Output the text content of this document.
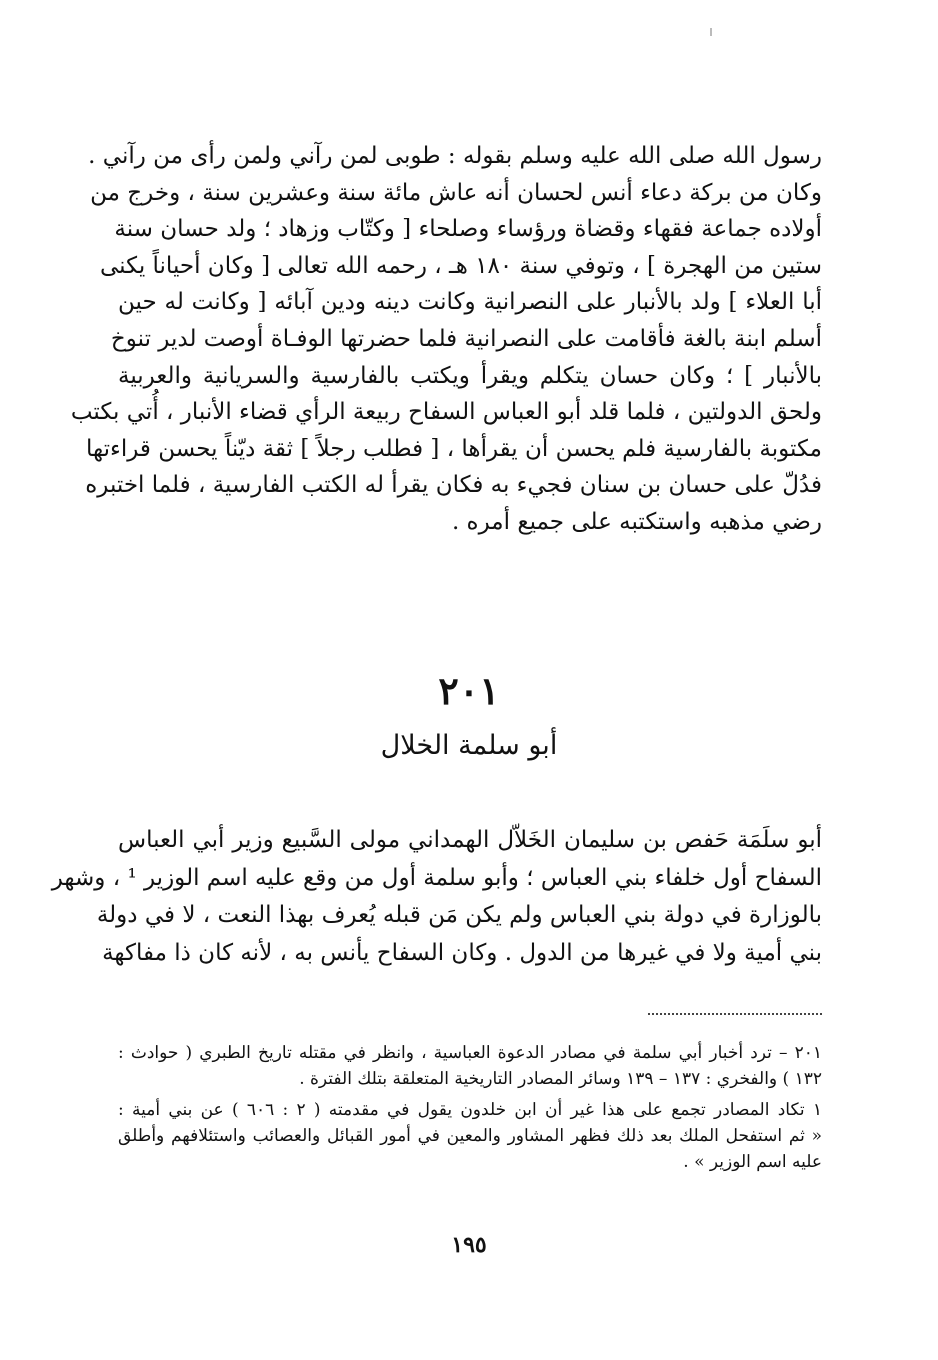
رسول الله صلى الله عليه وسلم بقوله : طوبى لمن رآني ولمن رأى من رآني .
وكان من بركة دعاء أنس لحسان أنه عاش مائة سنة وعشرين سنة ، وخرج من
أولاده جماعة فقهاء وقضاة ورؤساء وصلحاء [ وكتّاب وزهاد ؛ ولد حسان سنة
ستين من الهجرة ] ، وتوفي سنة ١٨٠ هـ ، رحمه الله تعالى [ وكان أحياناً يكنى
أبا العلاء ] ولد بالأنبار على النصرانية وكانت دينه ودين آبائه [ وكانت له حين
أسلم ابنة بالغة فأقامت على النصرانية فلما حضرتها الوفـاة أوصت لدير تنوخ
بالأنبار ] ؛ وكان حسان يتكلم ويقرأ ويكتب بالفارسية والسريانية والعربية
ولحق الدولتين ، فلما قلد أبو العباس السفاح ربيعة الرأي قضاء الأنبار ، أُتي بكتب
مكتوبة بالفارسية فلم يحسن أن يقرأها ، [ فطلب رجلاً ] ثقة ديّناً يحسن قراءتها
فدُلّ على حسان بن سنان فجيء به فكان يقرأ له الكتب الفارسية ، فلما اختبره
رضي مذهبه واستكتبه على جميع أمره .
٢٠١
أبو سلمة الخلال
أبو سلَمَة حَفص بن سليمان الخَلاّل الهمداني مولى السَّبيع وزير أبي العباس
السفاح أول خلفاء بني العباس ؛ وأبو سلمة أول من وقع عليه اسم الوزير ¹ ، وشهر
بالوزارة في دولة بني العباس ولم يكن مَن قبله يُعرف بهذا النعت ، لا في دولة
بني أمية ولا في غيرها من الدول . وكان السفاح يأنس به ، لأنه كان ذا مفاكهة
٢٠١ – ترد أخبار أبي سلمة في مصادر الدعوة العباسية ، وانظر في مقتله تاريخ الطبري ( حوادث :
١٣٢ ) والفخري : ١٣٧ – ١٣٩ وسائر المصادر التاريخية المتعلقة بتلك الفترة .
١ تكاد المصادر تجمع على هذا غير أن ابن خلدون يقول في مقدمته ( ٢ : ٦٠٦ ) عن بني أمية :
« ثم استفحل الملك بعد ذلك فظهر المشاور والمعين في أمور القبائل والعصائب واستئلافهم وأطلق
عليه اسم الوزير » .
١٩٥
